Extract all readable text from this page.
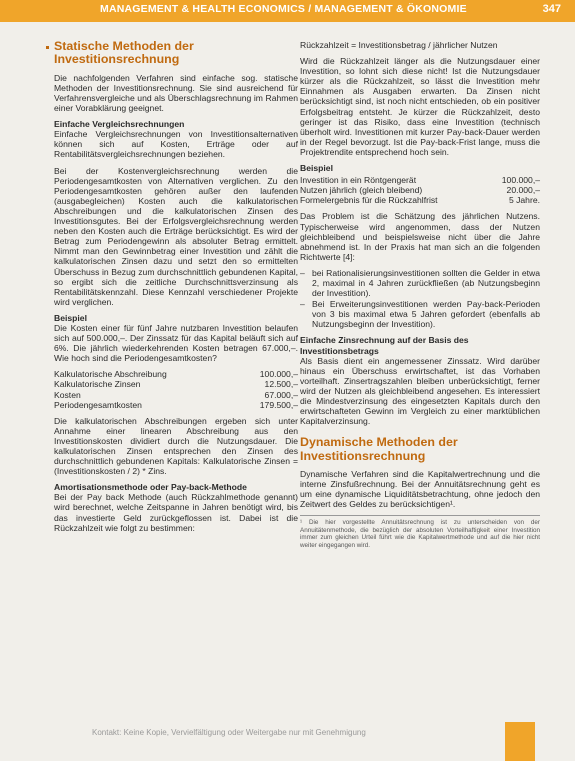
MANAGEMENT & HEALTH ECONOMICS / MANAGEMENT & ÖKONOMIE	347
Statische Methoden der Investitionsrechnung

Die nachfolgenden Verfahren sind einfache sog. statische Methoden der Investitionsrechnung. Sie sind ausreichend für Verfahrensvergleiche und als Überschlagsrechnung im Rahmen einer Vorabklärung geeignet.

Einfache Vergleichsrechnungen

Einfache Vergleichsrechnungen von Investitionsalternativen können sich auf Kosten, Erträge oder auf Rentabilitätsvergleichsrechnungen beziehen.

Bei der Kostenvergleichsrechnung werden die Periodengesamtkosten von Alternativen verglichen. Zu den Periodengesamtkosten gehören außer den laufenden (ausgabegleichen) Kosten auch die kalkulatorischen Abschreibungen und die kalkulatorischen Zinsen des Investitionsgutes. Bei der Erfolgsvergleichsrechnung werden neben den Kosten auch die Erträge berücksichtigt. Es wird der Betrag zum Periodengewinn als absoluter Betrag ermittelt. Nimmt man den Gewinnbetrag einer Investition und zählt die kalkulatorischen Zinsen dazu und setzt den so ermittelten Überschuss in Bezug zum durchschnittlich gebundenen Kapital, so ergibt sich die zeitliche Durchschnittsverzinsung als Rentabilitätskennzahl. Diese Kennzahl verschiedener Projekte wird verglichen.

Beispiel

Die Kosten einer für fünf Jahre nutzbaren Investition belaufen sich auf 500.000,–. Der Zinssatz für das Kapital beläuft sich auf 6%. Die jährlich wiederkehrenden Kosten betragen 67.000,–. Wie hoch sind die Periodengesamtkosten?

Kalkulatorische Abschreibung	100.000,–
Kalkulatorische Zinsen	12.500,–
Kosten	67.000,–
Periodengesamtkosten	179.500,–

Die kalkulatorischen Abschreibungen ergeben sich unter Annahme einer linearen Abschreibung aus den Investitionskosten dividiert durch die Nutzungsdauer. Die kalkulatorischen Zinsen entsprechen den Zinsen des durchschnittlich gebundenen Kapitals: Kalkulatorische Zinsen = (Investitionskosten / 2) * Zins.

Amortisationsmethode oder Pay-back-Methode

Bei der Pay back Methode (auch Rückzahlmethode genannt) wird berechnet, welche Zeitspanne in Jahren benötigt wird, bis das investierte Geld zurückgeflossen ist. Dabei ist die Rückzahlzeit wie folgt zu bestimmen:

Rückzahlzeit = Investitionsbetrag / jährlicher Nutzen

Wird die Rückzahlzeit länger als die Nutzungsdauer einer Investition, so lohnt sich diese nicht! Ist die Nutzungsdauer kürzer als die Rückzahlzeit, so lässt die Investition mehr Einnahmen als Ausgaben erwarten. Da Zinsen nicht berücksichtigt sind, ist noch nicht entschieden, ob ein positiver Erfolgsbeitrag entsteht. Je kürzer die Rückzahlzeit, desto geringer ist das Risiko, dass eine Investition (technisch überholt wird. Investitionen mit kurzer Pay-back-Dauer werden in der Regel bevorzugt. Ist die Pay-back-Frist lange, muss die Projektrendite entsprechend hoch sein.

Beispiel
Investition in ein Röntgengerät	100.000,–
Nutzen jährlich (gleich bleibend)	20.000,–
Formelergebnis für die Rückzahlfrist	5 Jahre.

Das Problem ist die Schätzung des jährlichen Nutzens. Typischerweise wird angenommen, dass der Nutzen gleichbleibend und beispielsweise nicht über die Jahre abnehmend ist. In der Praxis hat man sich an die folgenden Richtwerte [4]:

– bei Rationalisierungsinvestitionen sollten die Gelder in etwa 2, maximal in 4 Jahren zurückfließen (ab Nutzungsbeginn der Investition).
– Bei Erweiterungsinvestitionen werden Pay-back-Perioden von 3 bis maximal etwa 5 Jahren gefordert (ebenfalls ab Nutzungsbeginn der Investition).
Einfache Zinsrechnung auf der Basis des Investitionsbetrags

Als Basis dient ein angemessener Zinssatz. Wird darüber hinaus ein Überschuss erwirtschaftet, ist das Vorhaben vorteilhaft. Zinsertragszahlen bleiben unberücksichtigt, ferner wird der Nutzen als gleichbleibend angesehen. Es interessiert die Mindestverzinsung des eingesetzten Kapitals durch den erwirtschafteten Gewinn im Vergleich zu einer marktüblichen Kapitalverzinsung.

Dynamische Methoden der Investitionsrechnung

Dynamische Verfahren sind die Kapitalwertrechnung und die interne Zinsfußrechnung. Bei der Annuitätsrechnung geht es um eine dynamische Liquiditätsbetrachtung, ohne jedoch den Zeitwert des Geldes zu berücksichtigen¹.

¹ Die hier vorgestellte Annuitätsrechnung ist zu unterscheiden von der Annuitätenmethode, die bezüglich der absoluten Vorteilhaftigkeit einer Investition immer zum gleichen Urteil führt wie die Kapitalwertmethode und auf die hier nicht weiter eingegangen wird.
Kontakt: Keine Kopie, Vervielfältigung oder Weitergabe nur mit Genehmigung
